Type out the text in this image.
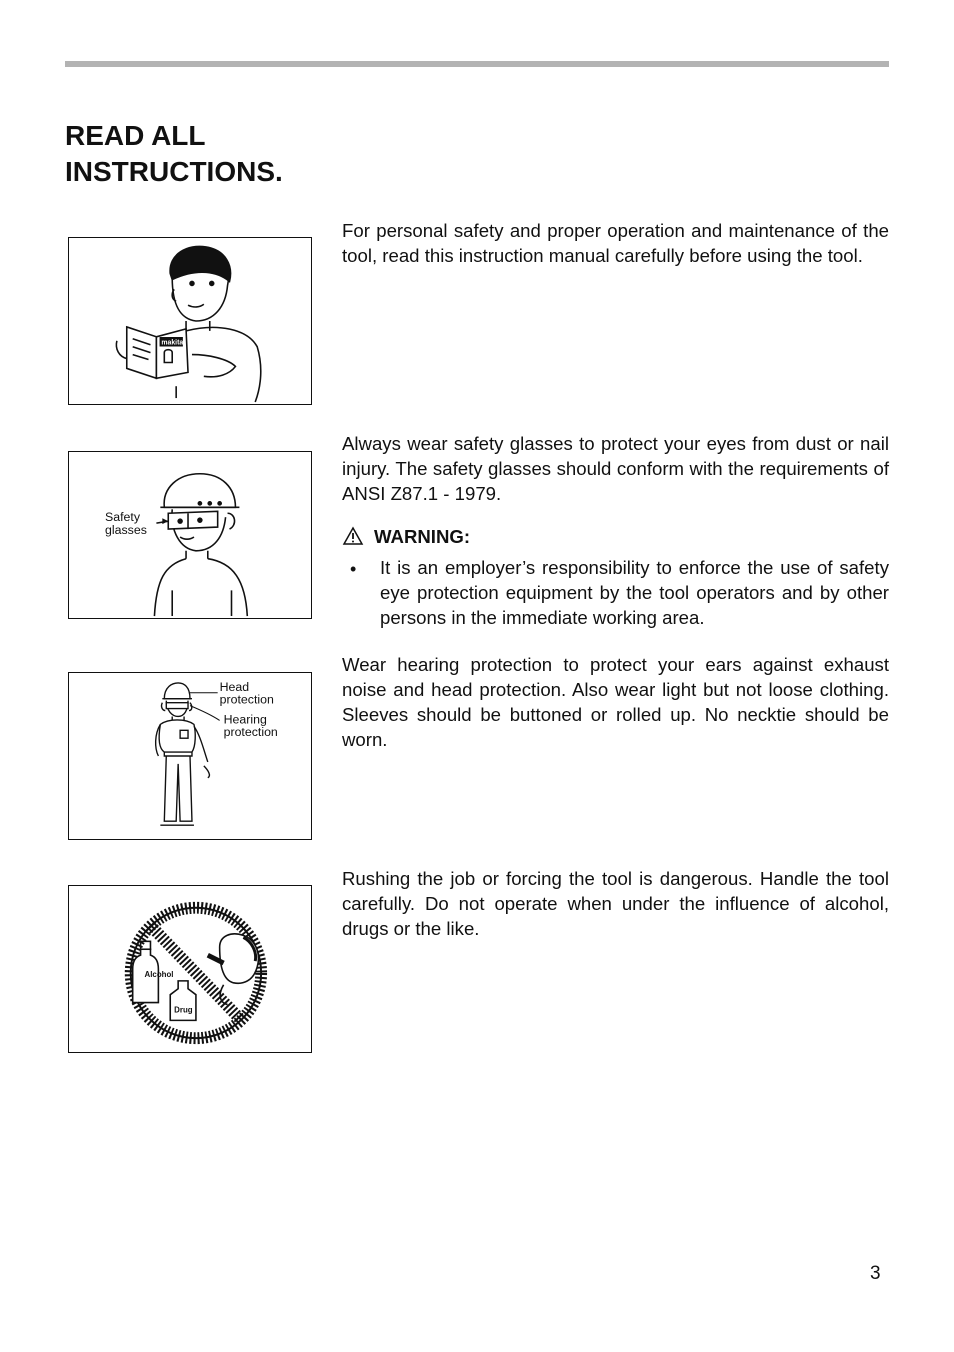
READ ALL
INSTRUCTIONS.
makita

For personal safety and proper operation and maintenance of the tool, read this instruction manual carefully before using the tool.

Safety
glasses

Always wear safety glasses to protect your eyes from dust or nail injury. The safety glasses should conform with the requirements of ANSI Z87.1 - 1979.

WARNING:
• It is an employer’s responsibility to enforce the use of safety eye protection equipment by the tool operators and by other persons in the immediate working area.

Head
protection
Hearing
protection

Wear hearing protection to protect your ears against exhaust noise and head protection. Also wear light but not loose clothing. Sleeves should be buttoned or rolled up. No necktie should be worn.

Alcohol
Drug

Rushing the job or forcing the tool is dangerous. Handle the tool carefully. Do not operate when under the influence of alcohol, drugs or the like.

3
